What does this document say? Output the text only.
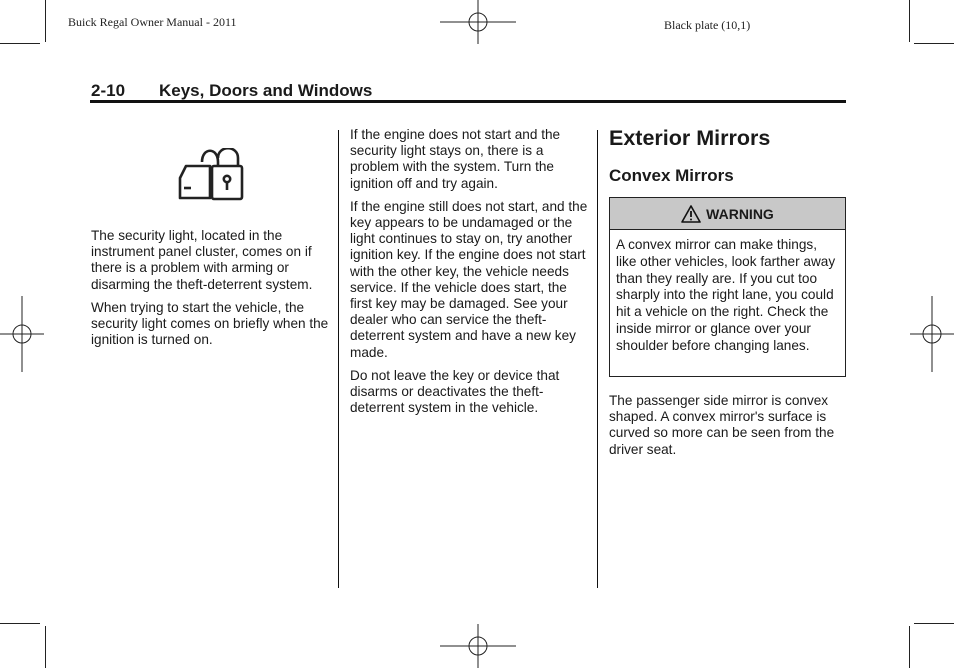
Buick Regal Owner Manual - 2011	Black plate (10,1)
2-10 Keys, Doors and Windows

The security light, located in the instrument panel cluster, comes on if there is a problem with arming or disarming the theft-deterrent system.

When trying to start the vehicle, the security light comes on briefly when the ignition is turned on.

If the engine does not start and the security light stays on, there is a problem with the system. Turn the ignition off and try again.

If the engine still does not start, and the key appears to be undamaged or the light continues to stay on, try another ignition key. If the engine does not start with the other key, the vehicle needs service. If the vehicle does start, the first key may be damaged. See your dealer who can service the theft-deterrent system and have a new key made.

Do not leave the key or device that disarms or deactivates the theft-deterrent system in the vehicle.

Exterior Mirrors
Convex Mirrors
WARNING
A convex mirror can make things, like other vehicles, look farther away than they really are. If you cut too sharply into the right lane, you could hit a vehicle on the right. Check the inside mirror or glance over your shoulder before changing lanes.

The passenger side mirror is convex shaped. A convex mirror's surface is curved so more can be seen from the driver seat.
